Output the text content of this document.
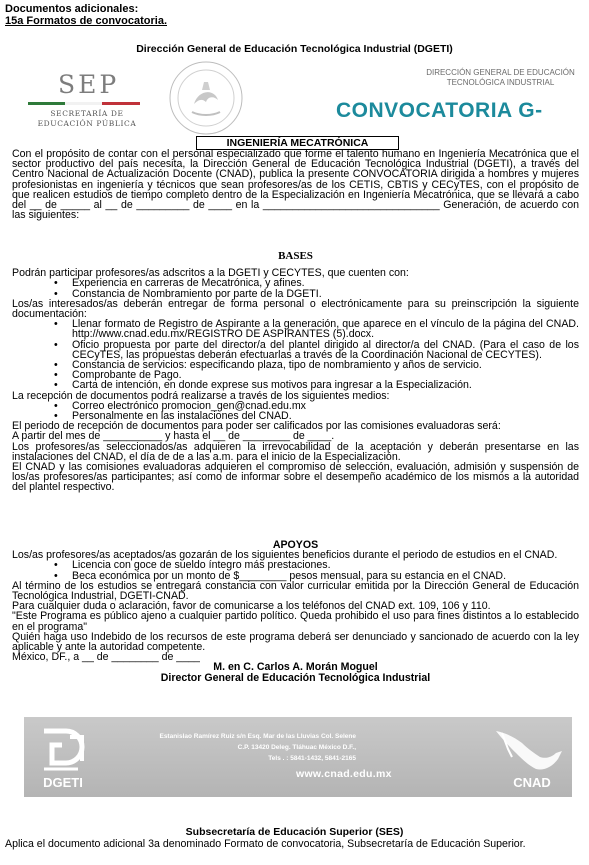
Documentos adicionales:
15a Formatos de convocatoria.
Dirección General de Educación Tecnológica Industrial (DGETI)
SEP
SECRETARÍA DE
EDUCACIÓN PÚBLICA
DIRECCIÓN GENERAL DE EDUCACIÓN
TECNOLÓGICA INDUSTRIAL
CONVOCATORIA G-
INGENIERÍA MECATRÓNICA
Con el propósito de contar con el personal especializado que forme el talento humano en Ingeniería Mecatrónica que el sector productivo del país necesita, la Dirección General de Educación Tecnológica Industrial (DGETI), a través del Centro Nacional de Actualización Docente (CNAD), publica la presente CONVOCATORIA dirigida a hombres y mujeres profesionistas en ingeniería y técnicos que sean profesores/as de los CETIS, CBTIS y CECyTES, con el propósito de que realicen estudios de tiempo completo dentro de la Especialización en Ingeniería Mecatrónica, que se llevará a cabo del __ de _____ al __ de _________ de ____ en la ______________________________ Generación, de acuerdo con las siguientes:
BASES
Podrán participar profesores/as adscritos a la DGETI y CECYTES, que cuenten con:
• Experiencia en carreras de Mecatrónica, y afines.
• Constancia de Nombramiento por parte de la DGETI.
Los/as interesados/as deberán entregar de forma personal o electrónicamente para su preinscripción la siguiente documentación:
• Llenar formato de Registro de Aspirante a la generación, que aparece en el vínculo de la página del CNAD. http://www.cnad.edu.mx/REGISTRO DE ASPIRANTES (5).docx.
• Oficio propuesta por parte del director/a del plantel dirigido al director/a del CNAD. (Para el caso de los CECyTES, las propuestas deberán efectuarlas a través de la Coordinación Nacional de CECYTES).
• Constancia de servicios: especificando plaza, tipo de nombramiento y años de servicio.
• Comprobante de Pago.
• Carta de intención, en donde exprese sus motivos para ingresar a la Especialización.
La recepción de documentos podrá realizarse a través de los siguientes medios:
• Correo electrónico promocion_gen@cnad.edu.mx
• Personalmente en las instalaciones del CNAD.
El periodo de recepción de documentos para poder ser calificados por las comisiones evaluadoras será:
A partir del mes de __________ y hasta el __ de ________ de ____.
Los profesores/as seleccionados/as adquieren la irrevocabilidad de la aceptación y deberán presentarse en las instalaciones del CNAD, el día de de a las a.m. para el inicio de la Especialización.
El CNAD y las comisiones evaluadoras adquieren el compromiso de selección, evaluación, admisión y suspensión de los/as profesores/as participantes; así como de informar sobre el desempeño académico de los mismos a la autoridad del plantel respectivo.
APOYOS
Los/as profesores/as aceptados/as gozarán de los siguientes beneficios durante el periodo de estudios en el CNAD.
• Licencia con goce de sueldo íntegro más prestaciones.
• Beca económica por un monto de $________ pesos mensual, para su estancia en el CNAD.
Al término de los estudios se entregará constancia con valor curricular emitida por la Dirección General de Educación Tecnológica Industrial, DGETI-CNAD.
Para cualquier duda o aclaración, favor de comunicarse a los teléfonos del CNAD ext. 109, 106 y 110.
"Este Programa es público ajeno a cualquier partido político. Queda prohibido el uso para fines distintos a lo establecido en el programa"
Quién haga uso Indebido de los recursos de este programa deberá ser denunciado y sancionado de acuerdo con la ley aplicable y ante la autoridad competente.
México, DF., a __ de ________ de ____
M. en C. Carlos A. Morán Moguel
Director General de Educación Tecnológica Industrial
DGETI
Estanislao Ramírez Ruiz s/n Esq. Mar de las Lluvias Col. Selene
C.P. 13420 Deleg. Tláhuac México D.F.,
Tels . : 5841-1432, 5841-2165
www.cnad.edu.mx
CNAD
Subsecretaría de Educación Superior (SES)
Aplica el documento adicional 3a denominado Formato de convocatoria, Subsecretaría de Educación Superior.
